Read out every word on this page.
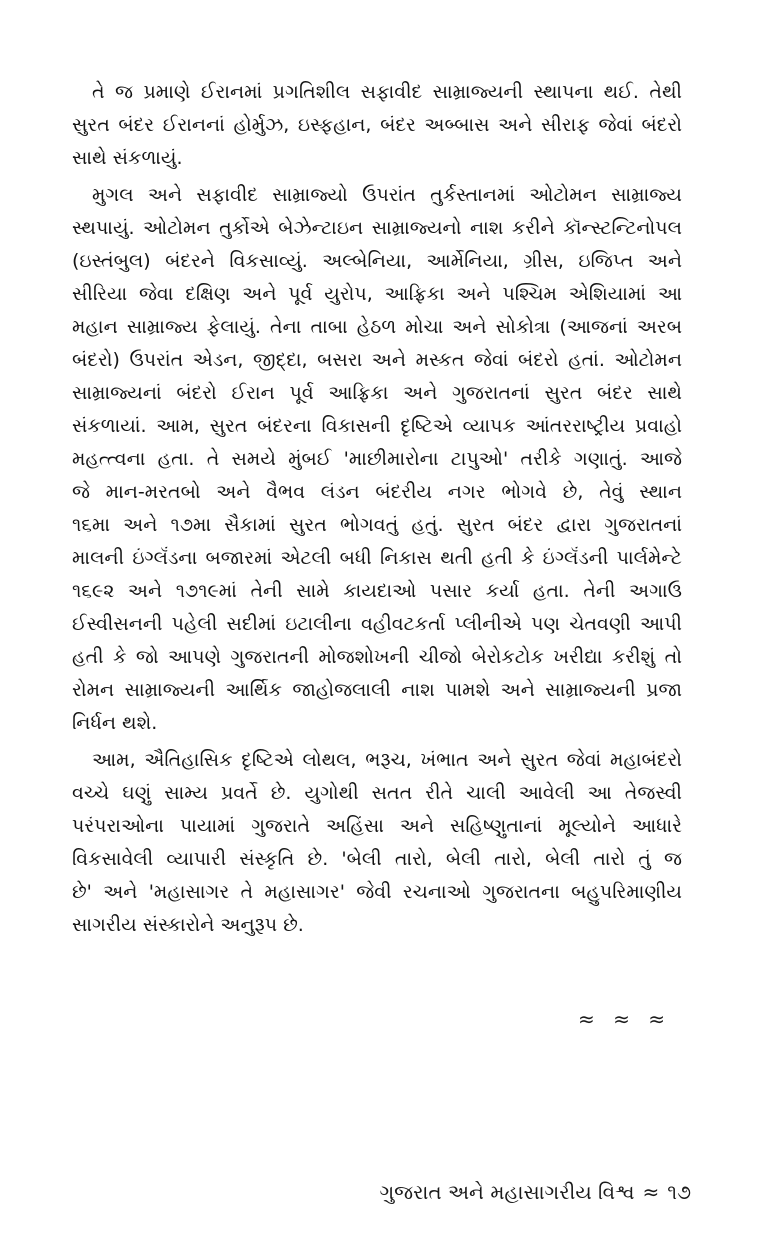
તે જ પ્રમાણે ઈરાનમાં પ્રગતિશીલ સફાવીદ સામ્રાજ્યની સ્થાપના થઈ. તેથી
સુરત બંદર ઈરાનનાં હોર્મુઝ, ઇસ્ફહાન, બંદર અબ્બાસ અને સીરાફ જેવાં બંદરો
સાથે સંકળાયું.
મુગલ અને સફાવીદ સામ્રાજ્યો ઉપરાંત તુર્કસ્તાનમાં ઓટોમન સામ્રાજ્ય
સ્થપાયું. ઓટોમન તુર્કોએ બેઝેન્ટાઇન સામ્રાજ્યનો નાશ કરીને કૉન્સ્ટન્ટિનોપલ
(ઇસ્તંબુલ) બંદરને વિકસાવ્યું. અલ્બેનિયા, આર્મેનિયા, ગ્રીસ, ઇજિપ્ત અને
સીરિયા જેવા દક્ષિણ અને પૂર્વ યુરોપ, આફ્રિકા અને પશ્ચિમ એશિયામાં આ
મહાન સામ્રાજ્ય ફેલાયું. તેના તાબા હેઠળ મોચા અને સોકોત્રા (આજનાં અરબ
બંદરો) ઉપરાંત એડન, જીદ્દા, બસરા અને મસ્કત જેવાં બંદરો હતાં. ઓટોમન
સામ્રાજ્યનાં બંદરો ઈરાન પૂર્વ આફ્રિકા અને ગુજરાતનાં સુરત બંદર સાથે
સંકળાયાં. આમ, સુરત બંદરના વિકાસની દૃષ્ટિએ વ્યાપક આંતરરાષ્ટ્રીય પ્રવાહો
મહત્ત્વના હતા. તે સમયે મુંબઈ 'માછીમારોના ટાપુઓ' તરીકે ગણાતું. આજે
જે માન-મરતબો અને વૈભવ લંડન બંદરીય નગર ભોગવે છે, તેવું સ્થાન
૧૬મા અને ૧૭મા સૈકામાં સુરત ભોગવતું હતું. સુરત બંદર દ્વારા ગુજરાતનાં
માલની ઇંગ્લૅંડના બજારમાં એટલી બધી નિકાસ થતી હતી કે ઇંગ્લૅંડની પાર્લમેન્ટે
૧૬૯૨ અને ૧૭૧૯માં તેની સામે કાયદાઓ પસાર કર્યા હતા. તેની અગાઉ
ઈસ્વીસનની પહેલી સદીમાં ઇટાલીના વહીવટકર્તા પ્લીનીએ પણ ચેતવણી આપી
હતી કે જો આપણે ગુજરાતની મોજશોખની ચીજો બેરોકટોક ખરીદ્યા કરીશું તો
રોમન સામ્રાજ્યની આર્થિક જાહોજલાલી નાશ પામશે અને સામ્રાજ્યની પ્રજા
નિર્ધન થશે.
આમ, ઐતિહાસિક દૃષ્ટિએ લોથલ, ભરૂચ, ખંભાત અને સુરત જેવાં મહાબંદરો
વચ્ચે ઘણું સામ્ય પ્રવર્તે છે. યુગોથી સતત રીતે ચાલી આવેલી આ તેજસ્વી
પરંપરાઓના પાયામાં ગુજરાતે અહિંસા અને સહિષ્ણુતાનાં મૂલ્યોને આધારે
વિકસાવેલી વ્યાપારી સંસ્કૃતિ છે. 'બેલી તારો, બેલી તારો, બેલી તારો તું જ
છે' અને 'મહાસાગર તે મહાસાગર' જેવી રચનાઓ ગુજરાતના બહુપરિમાણીય
સાગરીય સંસ્કારોને અનુરૂપ છે.
≈ ≈ ≈
ગુજરાત અને મહાસાગરીય વિશ્વ ≈ ૧૭
